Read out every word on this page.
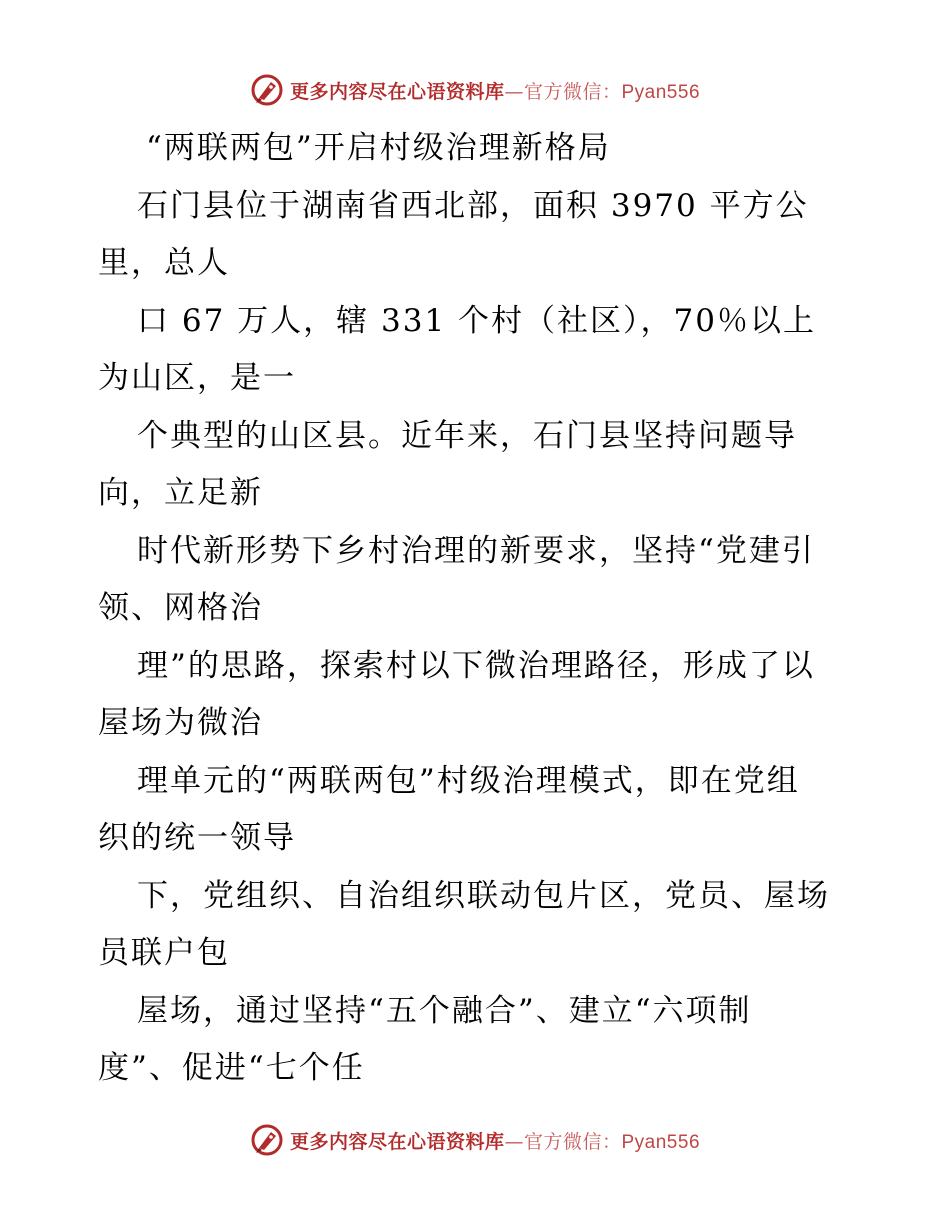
更多内容尽在心语资料库—官方微信：Pyan556
“两联两包”开启村级治理新格局
石门县位于湖南省西北部，面积 3970 平方公
里，总人
口 67 万人，辖 331 个村（社区），70％以上
为山区，是一
个典型的山区县。近年来，石门县坚持问题导
向，立足新
时代新形势下乡村治理的新要求，坚持“党建引
领、网格治
理”的思路，探索村以下微治理路径，形成了以
屋场为微治
理单元的“两联两包”村级治理模式，即在党组
织的统一领导
下，党组织、自治组织联动包片区，党员、屋场
员联户包
屋场，通过坚持“五个融合”、建立“六项制
度”、促进“七个任
更多内容尽在心语资料库—官方微信：Pyan556
